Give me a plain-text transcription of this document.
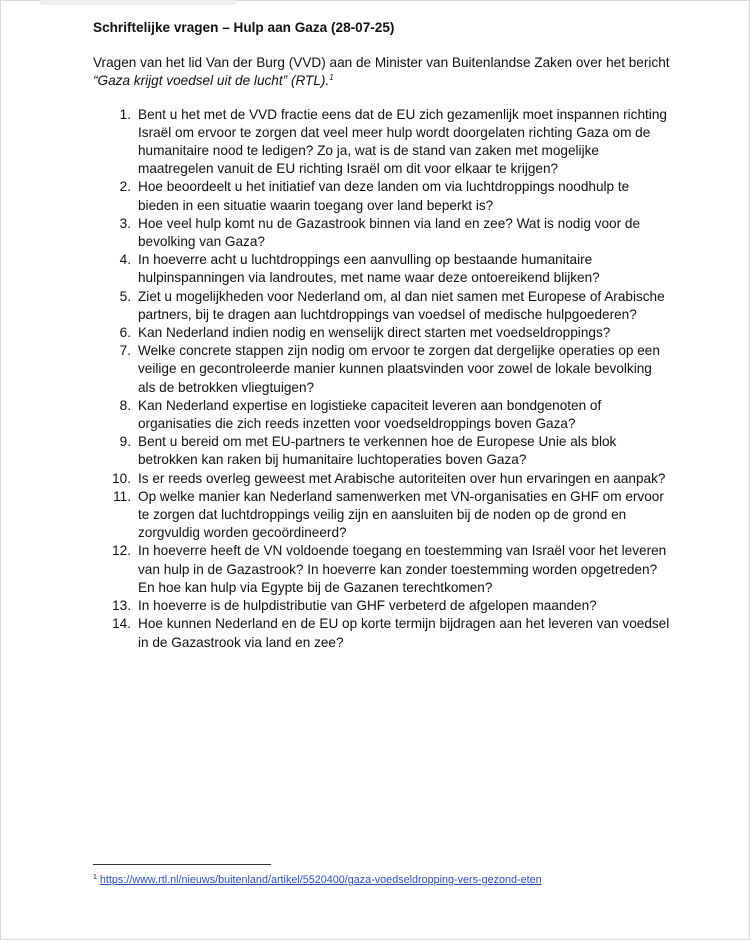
Schriftelijke vragen – Hulp aan Gaza (28-07-25)
Vragen van het lid Van der Burg (VVD) aan de Minister van Buitenlandse Zaken over het bericht “Gaza krijgt voedsel uit de lucht” (RTL).$^1$
1. Bent u het met de VVD fractie eens dat de EU zich gezamenlijk moet inspannen richting Israël om ervoor te zorgen dat veel meer hulp wordt doorgelaten richting Gaza om de humanitaire nood te ledigen? Zo ja, wat is de stand van zaken met mogelijke maatregelen vanuit de EU richting Israël om dit voor elkaar te krijgen?
2. Hoe beoordeelt u het initiatief van deze landen om via luchtdroppings noodhulp te bieden in een situatie waarin toegang over land beperkt is?
3. Hoe veel hulp komt nu de Gazastrook binnen via land en zee? Wat is nodig voor de bevolking van Gaza?
4. In hoeverre acht u luchtdroppings een aanvulling op bestaande humanitaire hulpinspanningen via landroutes, met name waar deze ontoereikend blijken?
5. Ziet u mogelijkheden voor Nederland om, al dan niet samen met Europese of Arabische partners, bij te dragen aan luchtdroppings van voedsel of medische hulpgoederen?
6. Kan Nederland indien nodig en wenselijk direct starten met voedseldroppings?
7. Welke concrete stappen zijn nodig om ervoor te zorgen dat dergelijke operaties op een veilige en gecontroleerde manier kunnen plaatsvinden voor zowel de lokale bevolking als de betrokken vliegtuigen?
8. Kan Nederland expertise en logistieke capaciteit leveren aan bondgenoten of organisaties die zich reeds inzetten voor voedseldroppings boven Gaza?
9. Bent u bereid om met EU-partners te verkennen hoe de Europese Unie als blok betrokken kan raken bij humanitaire luchtoperaties boven Gaza?
10. Is er reeds overleg geweest met Arabische autoriteiten over hun ervaringen en aanpak?
11. Op welke manier kan Nederland samenwerken met VN-organisaties en GHF om ervoor te zorgen dat luchtdroppings veilig zijn en aansluiten bij de noden op de grond en zorgvuldig worden gecoördineerd?
12. In hoeverre heeft de VN voldoende toegang en toestemming van Israël voor het leveren van hulp in de Gazastrook? In hoeverre kan zonder toestemming worden opgetreden? En hoe kan hulp via Egypte bij de Gazanen terechtkomen?
13. In hoeverre is de hulpdistributie van GHF verbeterd de afgelopen maanden?
14. Hoe kunnen Nederland en de EU op korte termijn bijdragen aan het leveren van voedsel in de Gazastrook via land en zee?
$^1$ https://www.rtl.nl/nieuws/buitenland/artikel/5520400/gaza-voedseldropping-vers-gezond-eten
